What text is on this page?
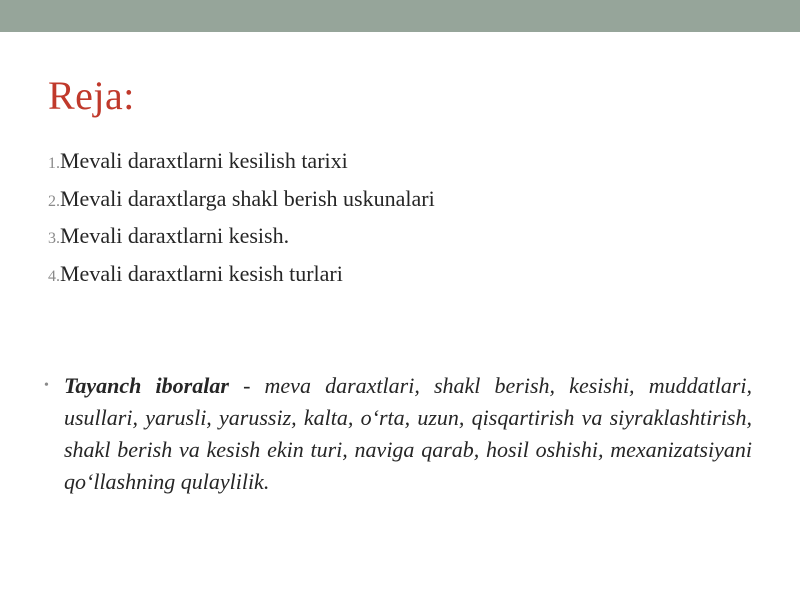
Reja:
1.Mevali daraxtlarni kesilish tarixi
2.Mevali daraxtlarga shakl berish uskunalari
3.Mevali daraxtlarni kesish.
4.Mevali daraxtlarni kesish turlari
• Tayanch iboralar - meva daraxtlari, shakl berish, kesishi, muddatlari, usullari, yarusli, yarussiz, kalta, o‘rta, uzun, qisqartirish va siyraklashtirish, shakl berish va kesish ekin turi, naviga qarab, hosil oshishi, mexanizatsiyani qo‘llashning qulaylilik.
